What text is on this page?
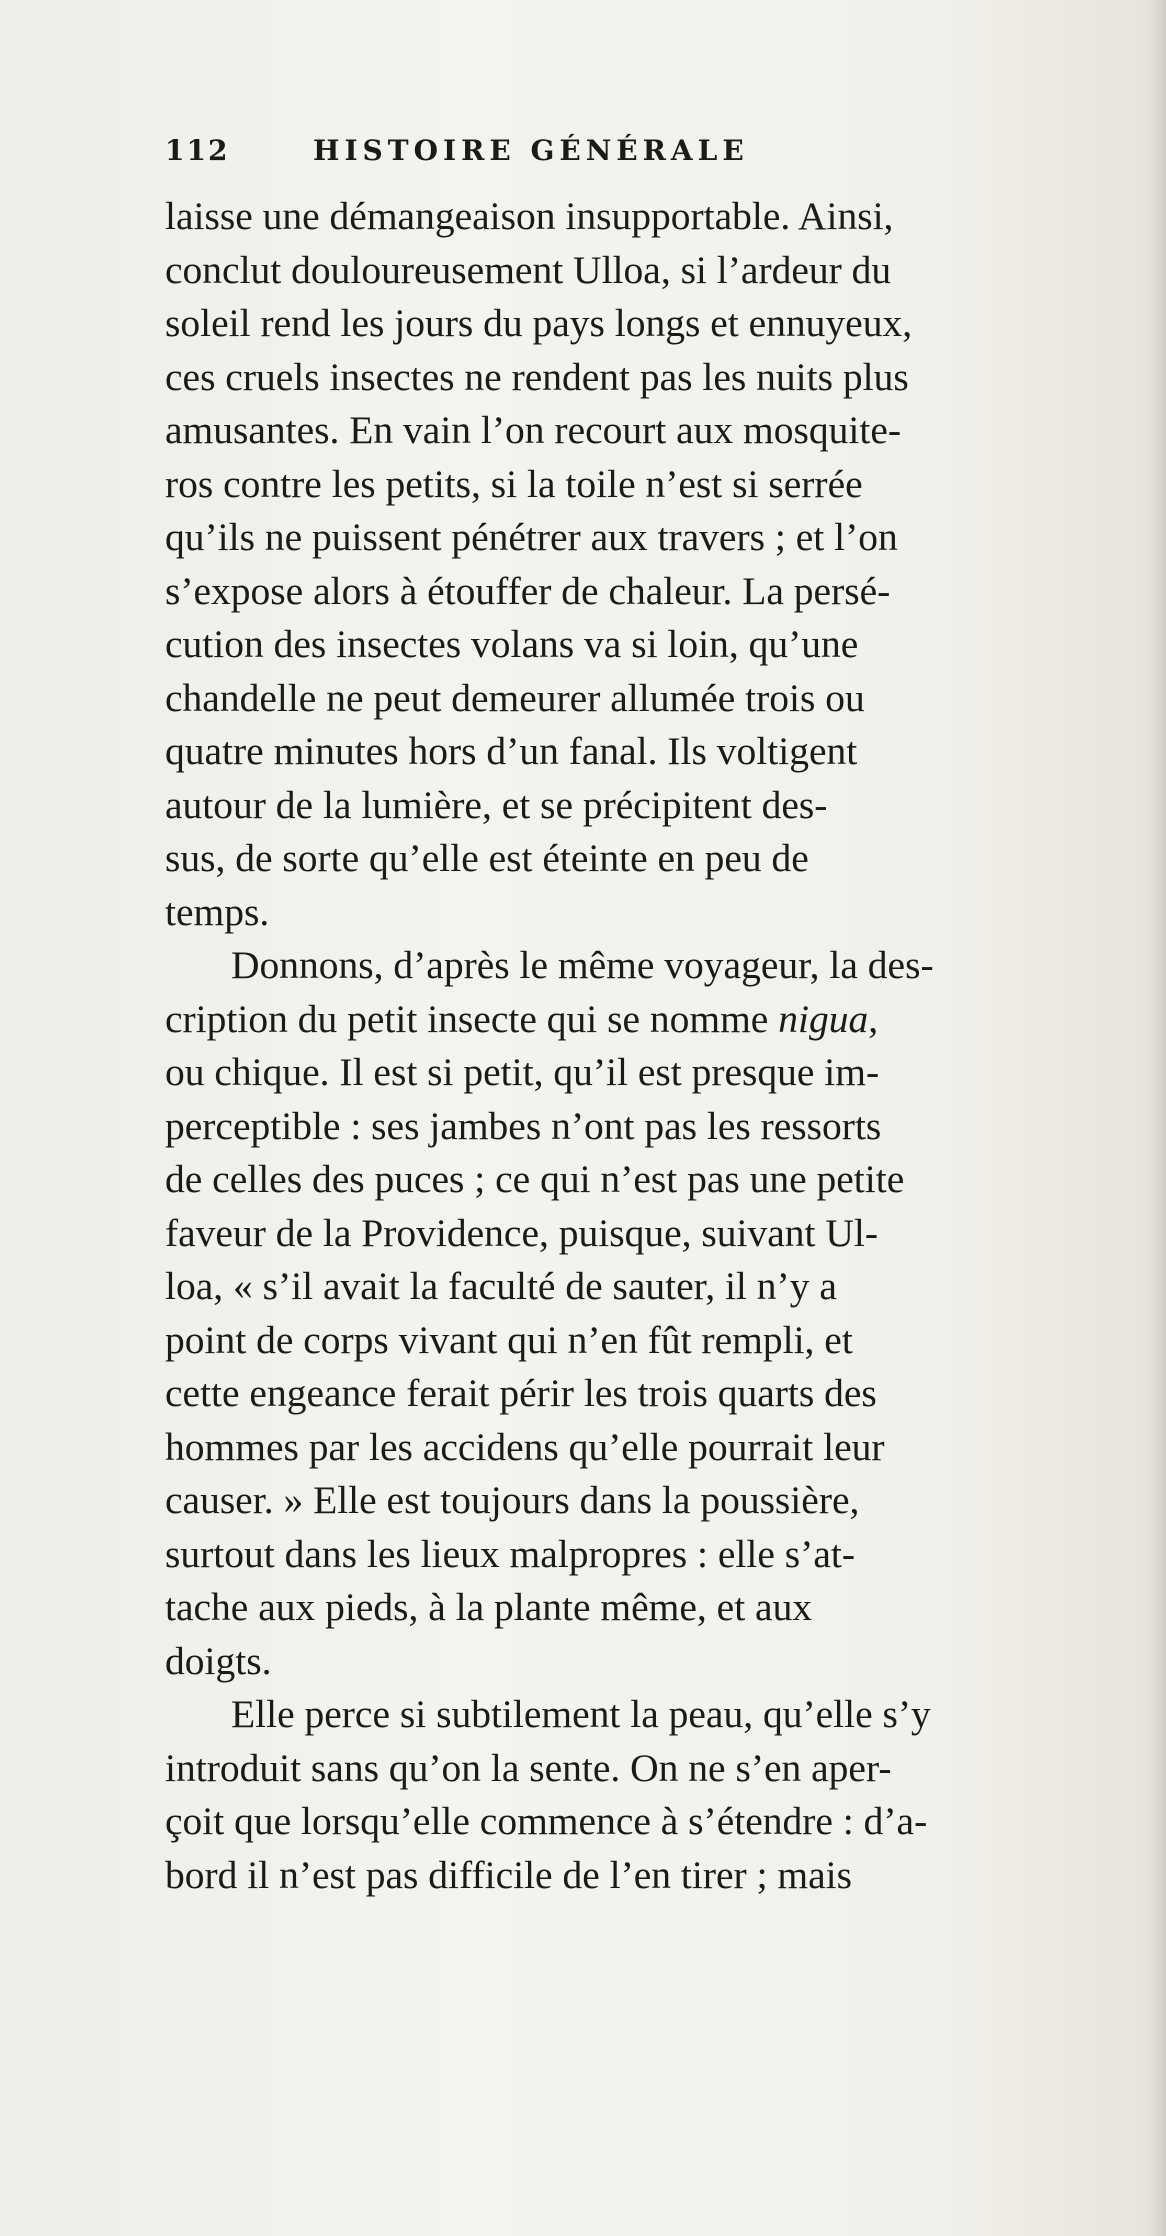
112	HISTOIRE GÉNÉRALE
laisse une démangeaison insupportable. Ainsi,
conclut douloureusement Ulloa, si l’ardeur du
soleil rend les jours du pays longs et ennuyeux,
ces cruels insectes ne rendent pas les nuits plus
amusantes. En vain l’on recourt aux mosquite-
ros contre les petits, si la toile n’est si serrée
qu’ils ne puissent pénétrer aux travers ; et l’on
s’expose alors à étouffer de chaleur. La persé-
cution des insectes volans va si loin, qu’une
chandelle ne peut demeurer allumée trois ou
quatre minutes hors d’un fanal. Ils voltigent
autour de la lumière, et se précipitent des-
sus, de sorte qu’elle est éteinte en peu de
temps.
Donnons, d’après le même voyageur, la des-
cription du petit insecte qui se nomme nigua,
ou chique. Il est si petit, qu’il est presque im-
perceptible : ses jambes n’ont pas les ressorts
de celles des puces ; ce qui n’est pas une petite
faveur de la Providence, puisque, suivant Ul-
loa, « s’il avait la faculté de sauter, il n’y a
point de corps vivant qui n’en fût rempli, et
cette engeance ferait périr les trois quarts des
hommes par les accidens qu’elle pourrait leur
causer. » Elle est toujours dans la poussière,
surtout dans les lieux malpropres : elle s’at-
tache aux pieds, à la plante même, et aux
doigts.
Elle perce si subtilement la peau, qu’elle s’y
introduit sans qu’on la sente. On ne s’en aper-
çoit que lorsqu’elle commence à s’étendre : d’a-
bord il n’est pas difficile de l’en tirer ; mais
